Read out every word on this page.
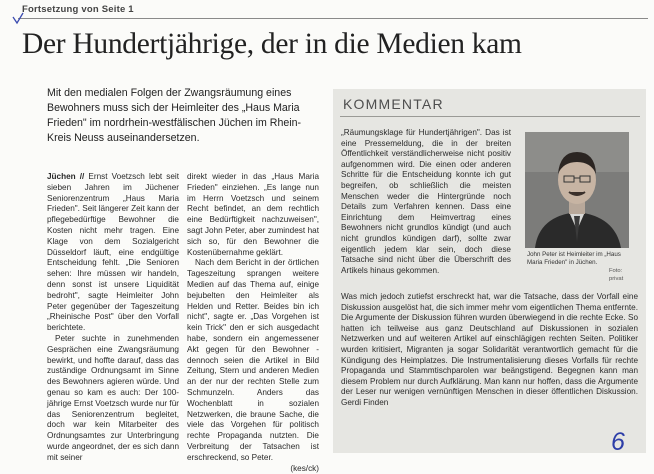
Fortsetzung von Seite 1
Der Hundertjährige, der in die Medien kam
Mit den medialen Folgen der Zwangsräumung eines Bewohners muss sich der Heimleiter des „Haus Maria Frieden" im nordrhein-westfälischen Jüchen im Rhein-Kreis Neuss auseinandersetzen.

Jüchen // Ernst Voetzsch lebt seit sieben Jahren im Jüchener Seniorenzentrum „Haus Maria Frieden". Seit längerer Zeit kann der pflegebedürftige Bewohner die Kosten nicht mehr tragen. Eine Klage von dem Sozialgericht Düsseldorf läuft, eine endgültige Entscheidung fehlt. „Die Senioren sehen: Ihre müssen wir handeln, denn sonst ist unsere Liquidität bedroht", sagte Heimleiter John Peter gegenüber der Tageszeitung „Rheinische Post" über den Vorfall berichtete.

Peter suchte in zunehmenden Gesprächen eine Zwangsräumung bewirkt, und hoffte darauf, dass das zuständige Ordnungsamt im Sinne des Bewohners agieren würde. Und genau so kam es auch: Der 100-jährige Ernst Voetzsch wurde nur für das Seniorenzentrum begleitet, doch war kein Mitarbeiter des Ordnungsamtes zur Unterbringung wurde angeordnet, der es sich dann mit seiner

direkt wieder in das „Haus Maria Frieden" einziehen. „Es lange nun im Herrn Voetzsch und seinem Recht befindet, an dem rechtlich eine Bedürftigkeit nachzuweisen", sagt John Peter, aber zumindest hat sich so, für den Bewohner die Kostenübernahme geklärt.

Nach dem Bericht in der örtlichen Tageszeitung sprangen weitere Medien auf das Thema auf, einige bejubelten den Heimleiter als Helden und Retter. Beides bin ich nicht", sagte er. „Das Vorgehen ist kein Trick" den er sich ausgedacht habe, sondern ein angemessener Akt gegen für den Bewohner - dennoch seien die Artikel in Bild Zeitung, Stern und anderen Medien an der nur der rechten Stelle zum Schmunzeln. Anders das Wochenblatt in sozialen Netzwerken, die braune Sache, die viele das Vorgehen für politisch rechte Propaganda nutzten. Die Verbreitung der Tatsachen ist erschreckend, so Peter.

(kes/ck)

KOMMENTAR
„Räumungsklage für Hundertjährigen". Das ist eine Pressemeldung, die in der breiten Öffentlichkeit verständlicherweise nicht positiv aufgenommen wird. Die einen oder anderen Schritte für die Entscheidung konnte ich gut begreifen, ob schließlich die meisten Menschen weder die Hintergründe noch Details zum Verfahren kennen. Dass eine Einrichtung dem Heimvertrag eines Bewohners nicht grundlos kündigt (und auch nicht grundlos kündigen darf), sollte zwar eigentlich jedem klar sein, doch diese Tatsache sind nicht über die Überschrift des Artikels hinaus gekommen.
John Peter ist Heimleiter im „Haus Maria Frieden" in Jüchen.
Foto: privat
Was mich jedoch zutiefst erschreckt hat, war die Tatsache, dass der Vorfall eine Diskussion ausgelöst hat, die sich immer mehr vom eigentlichen Thema entfernte. Die Argumente der Diskussion führen wurden überwiegend in die rechte Ecke. So hatten ich teilweise aus ganz Deutschland auf Diskussionen in sozialen Netzwerken und auf weiteren Artikel auf einschlägigen rechten Seiten. Politiker wurden kritisiert, Migranten ja sogar Solidarität verantwortlich gemacht für die Kündigung des Heimplatzes. Die Instrumentalisierung dieses Vorfalls für rechte Propaganda und Stammtischparolen war beängstigend. Begegnen kann man diesem Problem nur durch Aufklärung. Man kann nur hoffen, dass die Argumente der Leser nur wenigen vernünftigen Menschen in dieser öffentlichen Diskussion. Gerdi Finden
6
